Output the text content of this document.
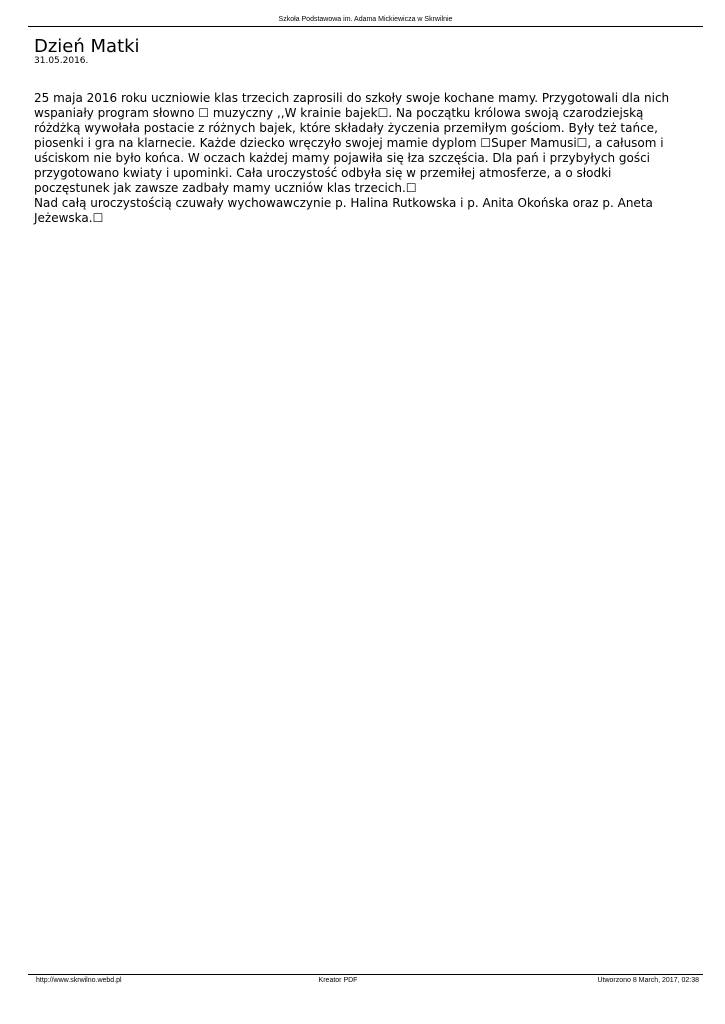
Szkoła Podstawowa im. Adama Mickiewicza w Skrwilnie
Dzień Matki
31.05.2016.

25 maja 2016 roku uczniowie klas trzecich zaprosili do szkoły swoje kochane mamy. Przygotowali dla nich wspaniały program słowno ☐ muzyczny ,,W krainie bajek☐. Na początku królowa swoją czarodziejską różdżką wywołała postacie z różnych bajek, które składały życzenia przemiłym gościom. Były też tańce, piosenki i gra na klarnecie. Każde dziecko wręczyło swojej mamie dyplom ☐Super Mamusi☐, a całusom i uściskom nie było końca. W oczach każdej mamy pojawiła się łza szczęścia. Dla pań i przybyłych gości przygotowano kwiaty i upominki. Cała uroczystość odbyła się w przemiłej atmosferze, a o słodki poczęstunek jak zawsze zadbały mamy uczniów klas trzecich.☐

Nad całą uroczystością czuwały wychowawczynie p. Halina Rutkowska i p. Anita Okońska oraz p. Aneta Jeżewska.☐

http://www.skrwilno.webd.pl	Kreator PDF	Utworzono 8 March, 2017, 02:38
